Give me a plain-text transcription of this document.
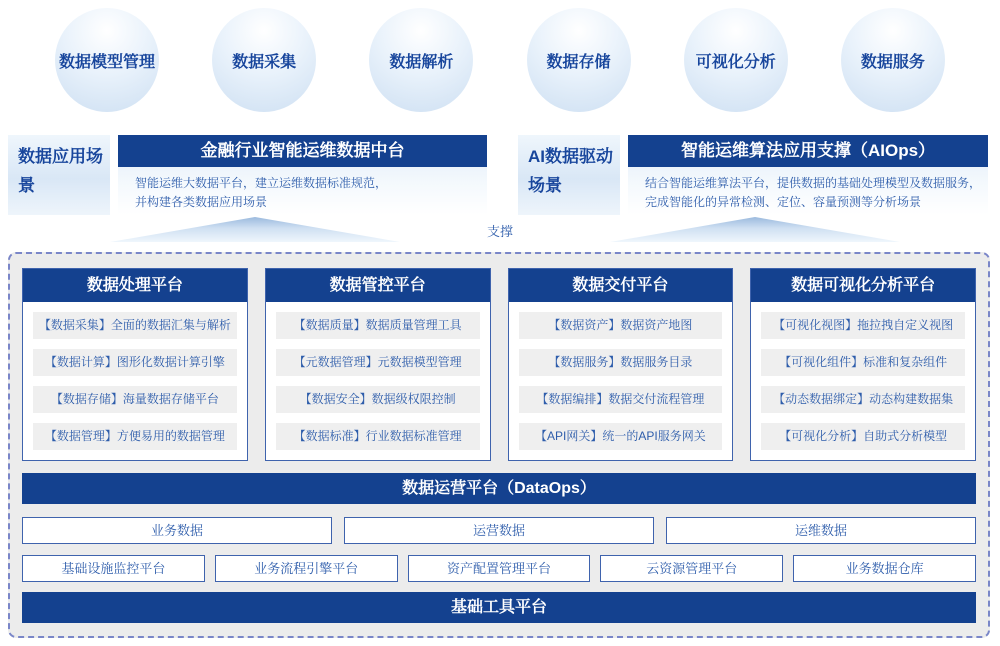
数据模型管理	数据采集	数据解析	数据存储	可视化分析	数据服务
数据应用场景
金融行业智能运维数据中台
智能运维大数据平台，建立运维数据标准规范，
并构建各类数据应用场景
AI数据驱动场景
智能运维算法应用支撑（AIOps）
结合智能运维算法平台，提供数据的基础处理模型及数据服务，
完成智能化的异常检测、定位、容量预测等分析场景
支撑
数据处理平台
【数据采集】全面的数据汇集与解析
【数据计算】图形化数据计算引擎
【数据存储】海量数据存储平台
【数据管理】方便易用的数据管理
数据管控平台
【数据质量】数据质量管理工具
【元数据管理】元数据模型管理
【数据安全】数据级权限控制
【数据标准】行业数据标准管理
数据交付平台
【数据资产】数据资产地图
【数据服务】数据服务目录
【数据编排】数据交付流程管理
【API网关】统一的API服务网关
数据可视化分析平台
【可视化视图】拖拉拽自定义视图
【可视化组件】标准和复杂组件
【动态数据绑定】动态构建数据集
【可视化分析】自助式分析模型
数据运营平台（DataOps）
业务数据	运营数据	运维数据
基础设施监控平台	业务流程引擎平台	资产配置管理平台	云资源管理平台	业务数据仓库
基础工具平台
